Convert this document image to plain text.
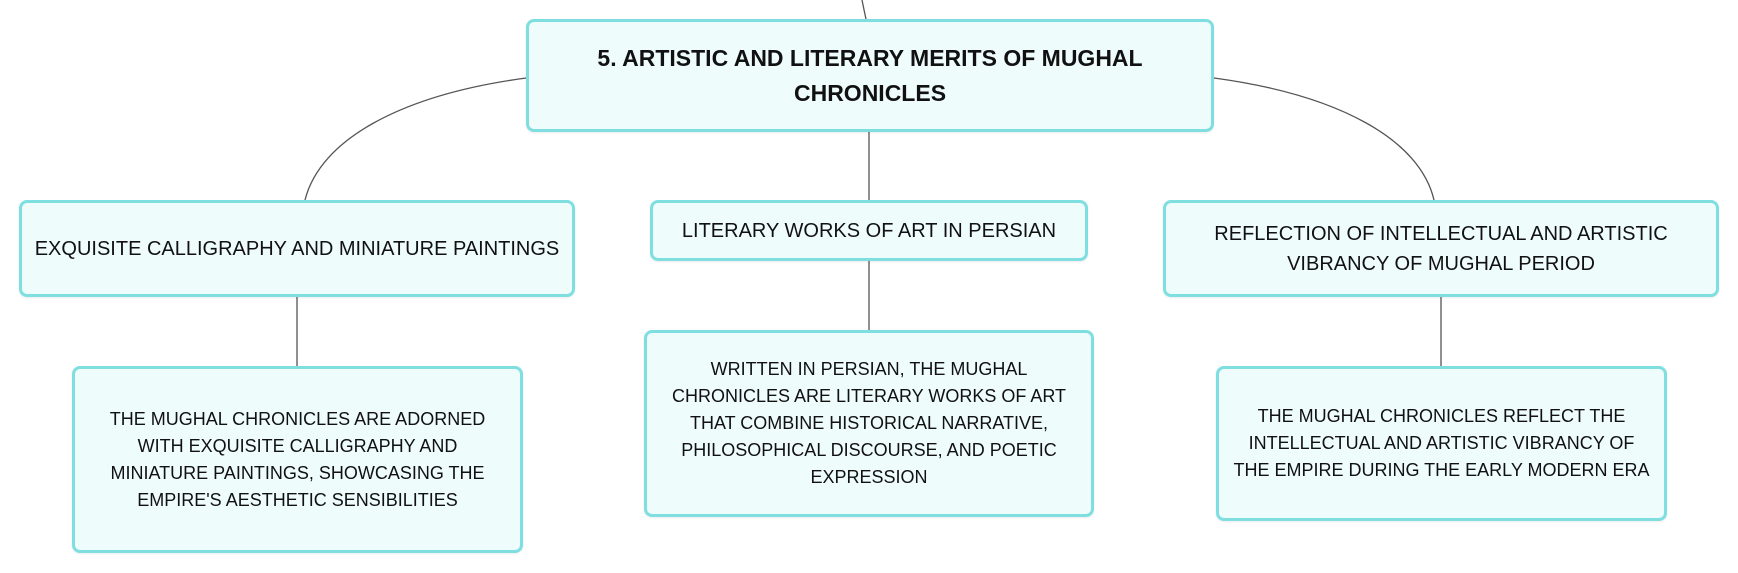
5. ARTISTIC AND LITERARY MERITS OF MUGHAL CHRONICLES
EXQUISITE CALLIGRAPHY AND MINIATURE PAINTINGS
LITERARY WORKS OF ART IN PERSIAN	REFLECTION OF INTELLECTUAL AND ARTISTIC VIBRANCY OF MUGHAL PERIOD
THE MUGHAL CHRONICLES ARE ADORNED WITH EXQUISITE CALLIGRAPHY AND MINIATURE PAINTINGS, SHOWCASING THE EMPIRE'S AESTHETIC SENSIBILITIES
WRITTEN IN PERSIAN, THE MUGHAL CHRONICLES ARE LITERARY WORKS OF ART THAT COMBINE HISTORICAL NARRATIVE, PHILOSOPHICAL DISCOURSE, AND POETIC EXPRESSION
THE MUGHAL CHRONICLES REFLECT THE INTELLECTUAL AND ARTISTIC VIBRANCY OF THE EMPIRE DURING THE EARLY MODERN ERA
